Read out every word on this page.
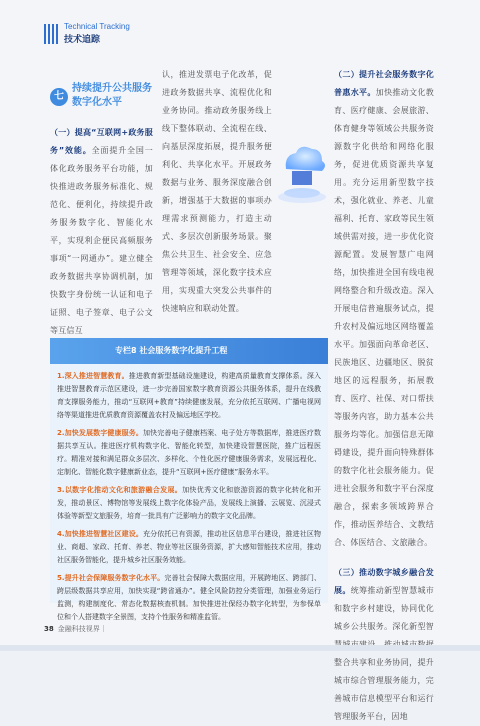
Technical Tracking
技术追踪
七
持续提升公共服务数字化水平

（一）提高“互联网+政务服务”效能。全面提升全国一体化政务服务平台功能，加快推进政务服务标准化、规范化、便利化，持续提升政务服务数字化、智能化水平，实现利企便民高频服务事项“一网通办”。建立健全政务数据共享协调机制，加快数字身份统一认证和电子证照、电子签章、电子公文等互信互

认，推进发票电子化改革，促进政务数据共享、流程优化和业务协同。推动政务服务线上线下整体联动、全流程在线、向基层深度拓展，提升服务便利化、共享化水平。开展政务数据与业务、服务深度融合创新，增强基于大数据的事项办理需求预测能力，打造主动式、多层次创新服务场景。聚焦公共卫生、社会安全、应急管理等领域，深化数字技术应用，实现重大突发公共事件的快速响应和联动处置。

（二）提升社会服务数字化普惠水平。加快推动文化教育、医疗健康、会展旅游、体育健身等领域公共服务资源数字化供给和网络化服务，促进优质资源共享复用。充分运用新型数字技术，强化就业、养老、儿童福利、托育、家政等民生领域供需对接，进一步优化资源配置。发展智慧广电网络，加快推进全国有线电视网络整合和升级改造。深入开展电信普遍服务试点，提升农村及偏远地区网络覆盖水平。加强面向革命老区、民族地区、边疆地区、脱贫地区的远程服务，拓展教育、医疗、社保、对口帮扶等服务内容，助力基本公共服务均等化。加强信息无障碍建设，提升面向特殊群体的数字化社会服务能力。促进社会服务和数字平台深度融合，探索多领域跨界合作，推动医养结合、文教结合、体医结合、文旅融合。

（三）推动数字城乡融合发展。统筹推动新型智慧城市和数字乡村建设，协同优化城乡公共服务。深化新型智 整合共享和业务协同，提升城市综合管理服务能力，完善城市信息模型平台和运行管理服务平台，因地

专栏8 社会服务数字化提升工程

1.深入推进智慧教育。推进教育新型基础设施建设，构建高质量教育支撑体系。深入推进智慧教育示范区建设，进一步完善国家数字教育资源公共服务体系，提升在线教育支撑服务能力，推动“互联网+教育”持续健康发展，充分依托互联网、广播电视网络等渠道推进优质教育资源覆盖农村及偏远地区学校。

2.加快发展数字健康服务。加快完善电子健康档案、电子处方等数据库，推进医疗数据共享互认。推进医疗机构数字化、智能化转型，加快建设智慧医院，推广远程医疗。精准对接和满足群众多层次、多样化、个性化医疗健康服务需求，发展远程化、定制化、智能化数字健康新业态，提升“互联网+医疗健康”服务水平。

3.以数字化推动文化和旅游融合发展。加快优秀文化和旅游资源的数字化转化和开发，推动景区、博物馆等发展线上数字化体验产品，发展线上演播、云展览、沉浸式体验等新型文旅服务，培育一批具有广泛影响力的数字文化品牌。

4.加快推进智慧社区建设。充分依托已有资源，推动社区信息平台建设，推进社区物业、商超、家政、托育、养老、物业等社区服务资源，扩大感知智能技术应用，推动社区服务智能化，提升城乡社区服务效能。

5.提升社会保障服务数字化水平。完善社会保障大数据应用，开展跨地区、跨部门、跨层级数据共享应用，加快实现“跨省通办”。健全风险防控分类管理，加强业务运行监测，构建制度化、常态化数据核查机制。加快推进社保经办数字化转型，为参保单位和个人搭建数字全景图，支持个性服务和精准监管。

38 金融科技视界｜
